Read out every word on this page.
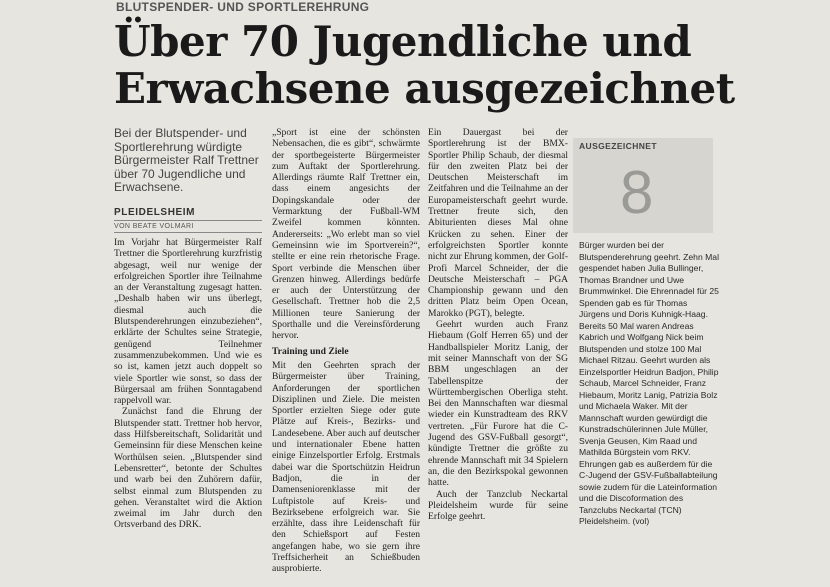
BLUTSPENDER- UND SPORTLEREHRUNG
Über 70 Jugendliche und Erwachsene ausgezeichnet
Bei der Blutspender- und Sportlerehrung würdigte Bürgermeister Ralf Trettner über 70 Jugendliche und Erwachsene.
PLEIDELSHEIM
VON BEATE VOLMARI

Im Vorjahr hat Bürgermeister Ralf Trettner die Sportlerehrung kurzfristig abgesagt, weil nur wenige der erfolgreichen Sportler ihre Teilnahme an der Veranstaltung zugesagt hatten. „Deshalb haben wir uns überlegt, diesmal auch die Blutspenderehrungen einzubeziehen“, erklärte der Schultes seine Strategie, genügend Teilnehmer zusammenzubekommen. Und wie es so ist, kamen jetzt auch doppelt so viele Sportler wie sonst, so dass der Bürgersaal am frühen Sonntagabend rappelvoll war.

Zunächst fand die Ehrung der Blutspender statt. Trettner hob hervor, dass Hilfsbereitschaft, Solidarität und Gemeinsinn für diese Menschen keine Worthülsen seien. „Blutspender sind Lebensretter“, betonte der Schultes und warb bei den Zuhörern dafür, selbst einmal zum Blutspenden zu gehen. Veranstaltet wird die Aktion zweimal im Jahr durch den Ortsverband des DRK.

„Sport ist eine der schönsten Nebensachen, die es gibt“, schwärmte der sportbegeisterte Bürgermeister zum Auftakt der Sportlerehrung. Allerdings räumte Ralf Trettner ein, dass einem angesichts der Dopingskandale oder der Vermarktung der Fußball-WM Zweifel kommen könnten. Andererseits: „Wo erlebt man so viel Gemeinsinn wie im Sportverein?“, stellte er eine rein rhetorische Frage. Sport verbinde die Menschen über Grenzen hinweg. Allerdings bedürfe er auch der Unterstützung der Gesellschaft. Trettner hob die 2,5 Millionen teure Sanierung der Sporthalle und die Vereinsförderung hervor.

Training und Ziele

Mit den Geehrten sprach der Bürgermeister über Training, Anforderungen der sportlichen Disziplinen und Ziele. Die meisten Sportler erzielten Siege oder gute Plätze auf Kreis-, Bezirks- und Landesebene. Aber auch auf deutscher und internationaler Ebene hatten einige Einzelsportler Erfolg. Erstmals dabei war die Sportschützin Heidrun Badjon, die in der Damenseniorenklasse mit der Luftpistole auf Kreis- und Bezirksebene erfolgreich war. Sie erzählte, dass ihre Leidenschaft für den Schießsport auf Festen angefangen habe, wo sie gern ihre Treffsicherheit an Schießbuden ausprobierte.

Ein Dauergast bei der Sportlerehrung ist der BMX-Sportler Philip Schaub, der diesmal für den zweiten Platz bei der Deutschen Meisterschaft im Zeitfahren und die Teilnahme an der Europameisterschaft geehrt wurde. Trettner freute sich, den Abiturienten dieses Mal ohne Krücken zu sehen. Einer der erfolgreichsten Sportler konnte nicht zur Ehrung kommen, der Golf-Profi Marcel Schneider, der die Deutsche Meisterschaft – PGA Championship gewann und den dritten Platz beim Open Ocean, Marokko (PGT), belegte.

Geehrt wurden auch Franz Hiebaum (Golf Herren 65) und der Handballspieler Moritz Lanig, der mit seiner Mannschaft von der SG BBM ungeschlagen an der Tabellenspitze der Württembergischen Oberliga steht. Bei den Mannschaften war diesmal wieder ein Kunstradteam des RKV vertreten. „Für Furore hat die C-Jugend des GSV-Fußball gesorgt“, kündigte Trettner die größte zu ehrende Mannschaft mit 34 Spielern an, die den Bezirkspokal gewonnen hatte.

Auch der Tanzclub Neckartal Pleidelsheim wurde für seine Erfolge geehrt.

AUSGEZEICHNET
8

Bürger wurden bei der Blutspenderehrung geehrt. Zehn Mal gespendet haben Julia Bullinger, Thomas Brandner und Uwe Brummwinkel. Die Ehrennadel für 25 Spenden gab es für Thomas Jürgens und Doris Kuhnigk-Haag. Bereits 50 Mal waren Andreas Kabrich und Wolfgang Nick beim Blutspenden und stolze 100 Mal Michael Ritzau. Geehrt wurden als Einzelsportler Heidrun Badjon, Philip Schaub, Marcel Schneider, Franz Hiebaum, Moritz Lanig, Patrizia Bolz und Michaela Waker. Mit der Mannschaft wurden gewürdigt die Kunstradschülerinnen Jule Müller, Svenja Geusen, Kim Raad und Mathilda Bürgstein vom RKV. Ehrungen gab es außerdem für die C-Jugend der GSV-Fußballabteilung sowie zudem für die Lateinformation und die Discoformation des Tanzclubs Neckartal (TCN) Pleidelsheim. (vol)
